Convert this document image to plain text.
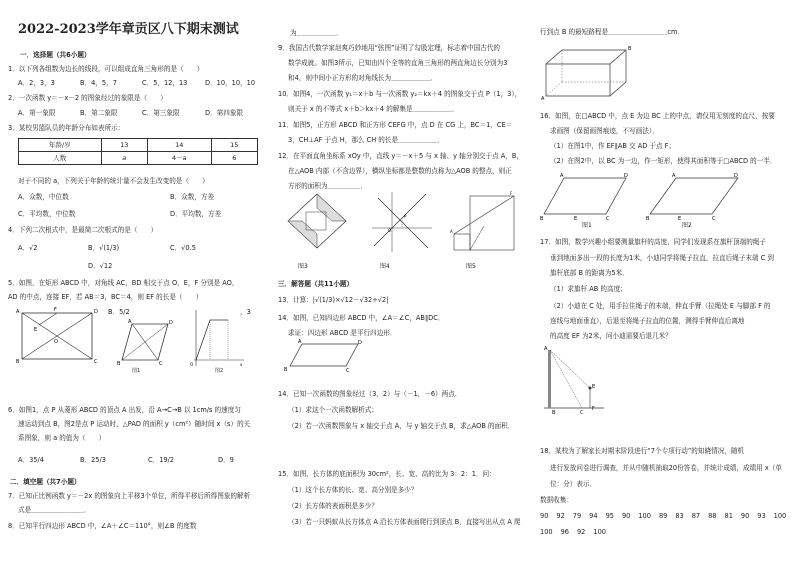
2022-2023学年章贡区八下期末测试
一．选择题（共6小题）
1．以下列各组数为边长的线段，可以组成直角三角形的是（　　）
A．2，3，3	B．4，5，7	C．5，12，13	D．10，10，10
2．一次函数 y＝－x－2 的图象经过的象限是（　　）
A．第一象限	B．第二象限	C．第三象限	D．第四象限
3．某校男篮队员的年龄分布如表所示：
年龄/岁	13	14	15
人数	a	4－a	6
对于不同的 a，下列关于年龄的统计量不会发生改变的是（　　）
A．众数，中位数	B．众数，方差
C．平均数，中位数	D．平均数，方差
4．下列二次根式中，是最简二次根式的是（　　）
A．√2	B．√(1/3)	C．√0.5
D．√12
5．如图，在矩形 ABCD 中，对角线 AC，BD 相交于点 O，E，F 分别是 AO，
AD 的中点，连接 EF，若 AB＝3，BC＝4，则 EF 的长是（　　）
A	D
B	C
O
F
E
B．5/2
A	D
B	C
图1
O	x
图2
，3
6．如图1，点 P 从菱形 ABCD 的顶点 A 出发，沿 A→C→B 以 1cm/s 的速度匀
速运动到点 B，图2是点 P 运动时，△PAD 的面积 y（cm²）随时间 x（s）的关
系图象，则 a 的值为（　　）
A．35/4	B．25/3	C．19/2	D．9
二．填空题（共7小题）
7．已知正比例函数 y＝－2x 的图象向上平移3个单位，所得平移后所得图象的解析
式是＿＿＿＿＿＿＿＿．
8．已知平行四边形 ABCD 中，∠A＋∠C＝110°，则∠B 的度数
为＿＿＿＿＿＿．
9．我国古代数学家赵爽巧妙地用“弦图”证明了勾股定理，标志着中国古代的
数学成就。如图3所示，已知由四个全等的直角三角形的两直角边长分别为3
和4，则中间小正方形的对角线长为＿＿＿＿＿＿．
10．如图4，一次函数 y₁＝x＋b 与一次函数 y₂＝kx＋4 的图象交于点 P（1，3），
则关于 x 的不等式 x＋b＞kx＋4 的解集是＿＿＿＿＿＿．
11．如图5，正方形 ABCD 和正方形 CEFG 中，点 D 在 CG 上，BC＝1，CE＝
3，CH⊥AF 于点 H，那么 CH 的长是＿＿＿＿＿＿．
12．在平面直角坐标系 xOy 中，直线 y＝－x＋5 与 x 轴、y 轴分别交于点 A，B，
在△AOB 内部（不含边界），横纵坐标都是整数的点称为△AOB 的整点，则正
方形的面积为＿＿＿＿＿．
P
O	A
F
图3	图4	图5
三．解答题（共11小题）
13．计算：|√(1/3)×√12－√32÷√2|
14．如图，已知四边形 ABCD 中，∠A＝∠C，AB∥DC．
求证：四边形 ABCD 是平行四边形．
A	D
B	C
14．已知一次函数的图象经过（3，2）与（－1，－6）两点．
（1）求这个一次函数解析式；
（2）若一次函数图象与 x 轴交于点 A，与 y 轴交于点 B，求△AOB 的面积．
15．如图，长方体的底面积为 30cm²，长、宽、高的比为 3：2：1．问：
（1）这个长方体的长、宽、高分别是多少？
（2）长方体的表面积是多少？
（3）若一只蚂蚁从长方体点 A 沿长方体表面爬行到顶点 B，直接写出从点 A 爬
行到点 B 的最短路程是＿＿＿＿＿＿＿＿＿cm．
A
B
16．如图，在□ABCD 中，点 E 为边 BC 上的中点，请仅用无刻度的直尺，按要
求画图（保留画图痕迹，不写画法）．
（1）在图1中，作 EF∥AB 交 AD 于点 F；
（2）在图2中，以 BC 为一边，作一矩形，使得其面积等于□ABCD 的一半．
A	D
B	E	C
A	D
B	E	C
图1	图2
17．如图，数学兴趣小组要测量旗杆的高度，同学们发现系在旗杆顶端的绳子
垂到地面多出一段的长度为1米，小迪同学将绳子拉直，拉直后绳子末端 C 到
旗杆底部 B 的距离为5米．
（1）求旗杆 AB 的高度；
（2）小迪在 C 处，用手拉住绳子的末端，伸直手臂（拉绳处 E 与脚部 F 的
连线与地面垂直），后退至将绳子拉直的位置，测得手臂伸直后离地
的高度 EF 为2米，问小迪需要后退几米？
A
B	C
E
F
18．某校为了解家长对期末阶段进行“7个专项行动”的知晓情况，随机
进行发放问卷进行调查，并从中随机抽取20份答卷，并统计成绩，成绩用 x（单
位：分）表示．
数据收集：
90 92 79 94 95 90 100 89 83 87 88 81 90 93 100
100 96 92 100
